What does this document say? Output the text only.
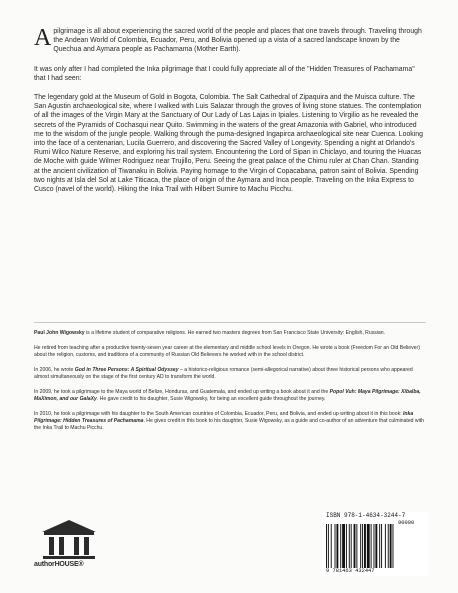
Apilgrimage is all about experiencing the sacred world of the people and places that one travels through. Traveling through the Andean World of Colombia, Ecuador, Peru, and Bolivia opened up a vista of a sacred landscape known by the Quechua and Aymara people as Pachamama (Mother Earth).

It was only after I had completed the Inka pilgrimage that I could fully appreciate all of the "Hidden Treasures of Pachamama" that I had seen:

The legendary gold at the Museum of Gold in Bogota, Colombia. The Salt Cathedral of Zipaquira and the Muisca culture. The San Agustin archaeological site, where I walked with Luis Salazar through the groves of living stone statues. The contemplation of all the images of the Virgin Mary at the Sanctuary of Our Lady of Las Lajas in Ipiales. Listening to Virgilio as he revealed the secrets of the Pyramids of Cochasqui near Quito. Swimming in the waters of the great Amazonia with Gabriel, who introduced me to the wisdom of the jungle people. Walking through the puma-designed Ingapirca archaeological site near Cuenca. Looking into the face of a centenarian, Lucila Guerrero, and discovering the Sacred Valley of Longevity. Spending a night at Orlando's Rumi Wilco Nature Reserve, and exploring his trail system. Encountering the Lord of Sipan in Chiclayo, and touring the Huacas de Moche with guide Wilmer Rodriguez near Trujillo, Peru. Seeing the great palace of the Chimu ruler at Chan Chan. Standing at the ancient civilization of Tiwanaku in Bolivia. Paying homage to the Virgin of Copacabana, patron saint of Bolivia. Spending two nights at Isla del Sol at Lake Titicaca, the place of origin of the Aymara and Inca people. Traveling on the Inka Express to Cusco (navel of the world). Hiking the Inka Trail with Hilbert Sumire to Machu Picchu.

Paul John Wigowsky is a lifetime student of comparative religions. He earned two masters degrees from San Francisco State University: English, Russian.

He retired from teaching after a productive twenty-seven year career at the elementary and middle school levels in Oregon. He wrote a book (Freedom For an Old Believer) about the religion, customs, and traditions of a community of Russian Old Believers he worked with in the school district.

In 2006, he wrote God in Three Persons: A Spiritual Odyssey – a historico-religious romance (semi-allegorical narrative) about three historical persons who appeared almost simultaneously on the stage of the first century AD to transform the world.

In 2009, he took a pilgrimage to the Maya world of Belize, Honduras, and Guatemala, and ended up writing a book about it and the Popol Vuh: Maya Pilgrimage: Xibalba, MaXimon, and our GalaXy. He gave credit to his daughter, Susie Wigowsky, for being an excellent guide throughout the journey.

In 2010, he took a pilgrimage with his daughter to the South American countries of Colombia, Ecuador, Peru, and Bolivia, and ended up writing about it in this book: Inka Pilgrimage: Hidden Treasures of Pachamama. He gives credit in this book to his daughter, Susie Wigowsky, as a guide and co-author of an adventure that culminated with the Inka Trail to Machu Picchu.

authorHOUSE®
ISBN 978-1-4634-3244-7
90000
9 781463 432447
